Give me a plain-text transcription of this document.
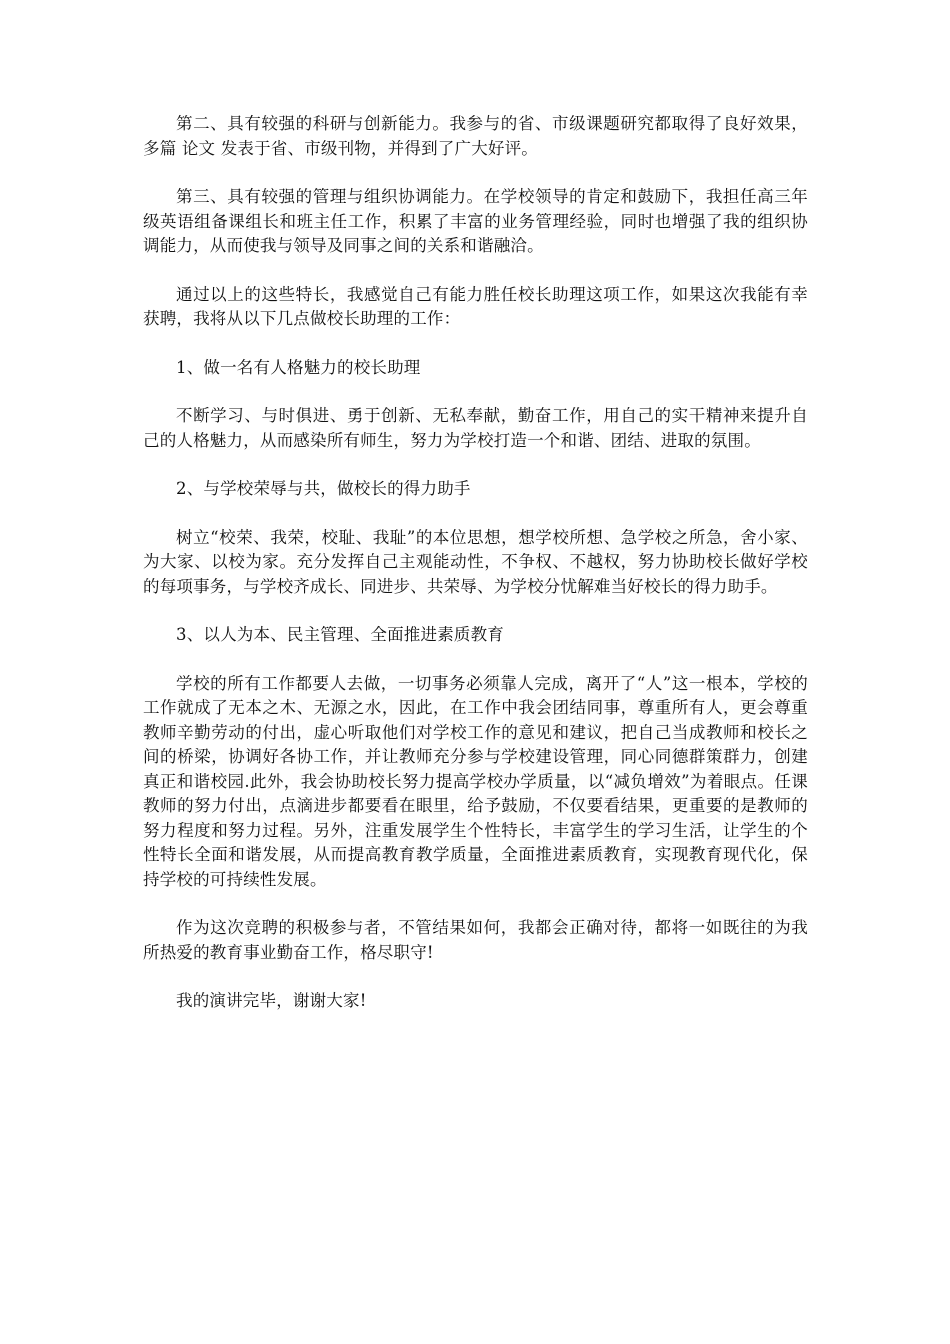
第二、具有较强的科研与创新能力。我参与的省、市级课题研究都取得了良好效果，多篇 论文 发表于省、市级刊物，并得到了广大好评。

第三、具有较强的管理与组织协调能力。在学校领导的肯定和鼓励下，我担任高三年级英语组备课组长和班主任工作，积累了丰富的业务管理经验，同时也增强了我的组织协调能力，从而使我与领导及同事之间的关系和谐融洽。

通过以上的这些特长，我感觉自己有能力胜任校长助理这项工作，如果这次我能有幸获聘，我将从以下几点做校长助理的工作：

1、做一名有人格魅力的校长助理

不断学习、与时俱进、勇于创新、无私奉献，勤奋工作，用自己的实干精神来提升自己的人格魅力，从而感染所有师生，努力为学校打造一个和谐、团结、进取的氛围。

2、与学校荣辱与共，做校长的得力助手

树立“校荣、我荣，校耻、我耻”的本位思想，想学校所想、急学校之所急，舍小家、为大家、以校为家。充分发挥自己主观能动性，不争权、不越权，努力协助校长做好学校的每项事务，与学校齐成长、同进步、共荣辱、为学校分忧解难当好校长的得力助手。

3、以人为本、民主管理、全面推进素质教育

学校的所有工作都要人去做，一切事务必须靠人完成，离开了“人”这一根本，学校的工作就成了无本之木、无源之水，因此，在工作中我会团结同事，尊重所有人，更会尊重教师辛勤劳动的付出，虚心听取他们对学校工作的意见和建议，把自己当成教师和校长之间的桥梁，协调好各协工作，并让教师充分参与学校建设管理，同心同德群策群力，创建真正和谐校园.此外，我会协助校长努力提高学校办学质量，以“减负增效”为着眼点。任课教师的努力付出，点滴进步都要看在眼里，给予鼓励，不仅要看结果，更重要的是教师的努力程度和努力过程。另外，注重发展学生个性特长，丰富学生的学习生活，让学生的个性特长全面和谐发展，从而提高教育教学质量，全面推进素质教育，实现教育现代化，保持学校的可持续性发展。

作为这次竞聘的积极参与者，不管结果如何，我都会正确对待，都将一如既往的为我所热爱的教育事业勤奋工作，格尽职守!

我的演讲完毕，谢谢大家!
